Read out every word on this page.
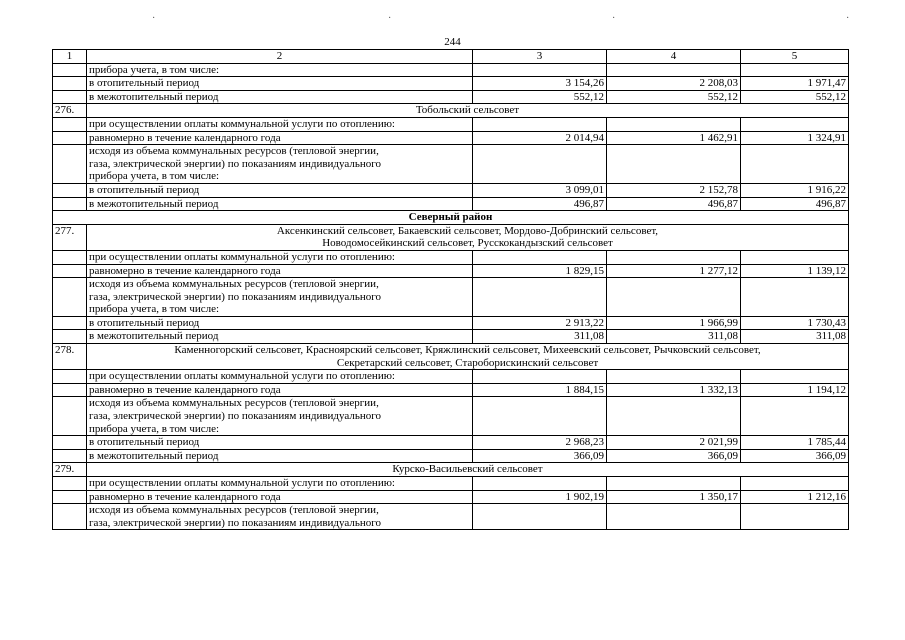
·	·	·	·
244
1	2	3	4	5
	прибора учета, в том числе:			
	в отопительный период	3 154,26	2 208,03	1 971,47
	в межотопительный период	552,12	552,12	552,12
276.	Тобольский сельсовет			
	при осуществлении оплаты коммунальной услуги по отоплению:			
	равномерно в течение календарного года	2 014,94	1 462,91	1 324,91
	исходя из объема коммунальных ресурсов (тепловой энергии,
газа, электрической энергии) по показаниям индивидуального
прибора учета, в том числе:			
	в отопительный период	3 099,01	2 152,78	1 916,22
	в межотопительный период	496,87	496,87	496,87
Северный район				
277.	Аксенкинский сельсовет, Бакаевский сельсовет, Мордово-Добринский сельсовет,
Новодомосейкинский сельсовет, Русскокандызский сельсовет			
	при осуществлении оплаты коммунальной услуги по отоплению:			
	равномерно в течение календарного года	1 829,15	1 277,12	1 139,12
	исходя из объема коммунальных ресурсов (тепловой энергии,
газа, электрической энергии) по показаниям индивидуального
прибора учета, в том числе:			
	в отопительный период	2 913,22	1 966,99	1 730,43
	в межотопительный период	311,08	311,08	311,08
278.	Каменногорский сельсовет, Красноярский сельсовет, Кряжлинский сельсовет, Михеевский сельсовет, Рычковский сельсовет,
Секретарский сельсовет, Староборискинский сельсовет			
	при осуществлении оплаты коммунальной услуги по отоплению:			
	равномерно в течение календарного года	1 884,15	1 332,13	1 194,12
	исходя из объема коммунальных ресурсов (тепловой энергии,
газа, электрической энергии) по показаниям индивидуального
прибора учета, в том числе:			
	в отопительный период	2 968,23	2 021,99	1 785,44
	в межотопительный период	366,09	366,09	366,09
279.	Курско-Васильевский сельсовет			
	при осуществлении оплаты коммунальной услуги по отоплению:			
	равномерно в течение календарного года	1 902,19	1 350,17	1 212,16
	исходя из объема коммунальных ресурсов (тепловой энергии,
газа, электрической энергии) по показаниям индивидуального			
